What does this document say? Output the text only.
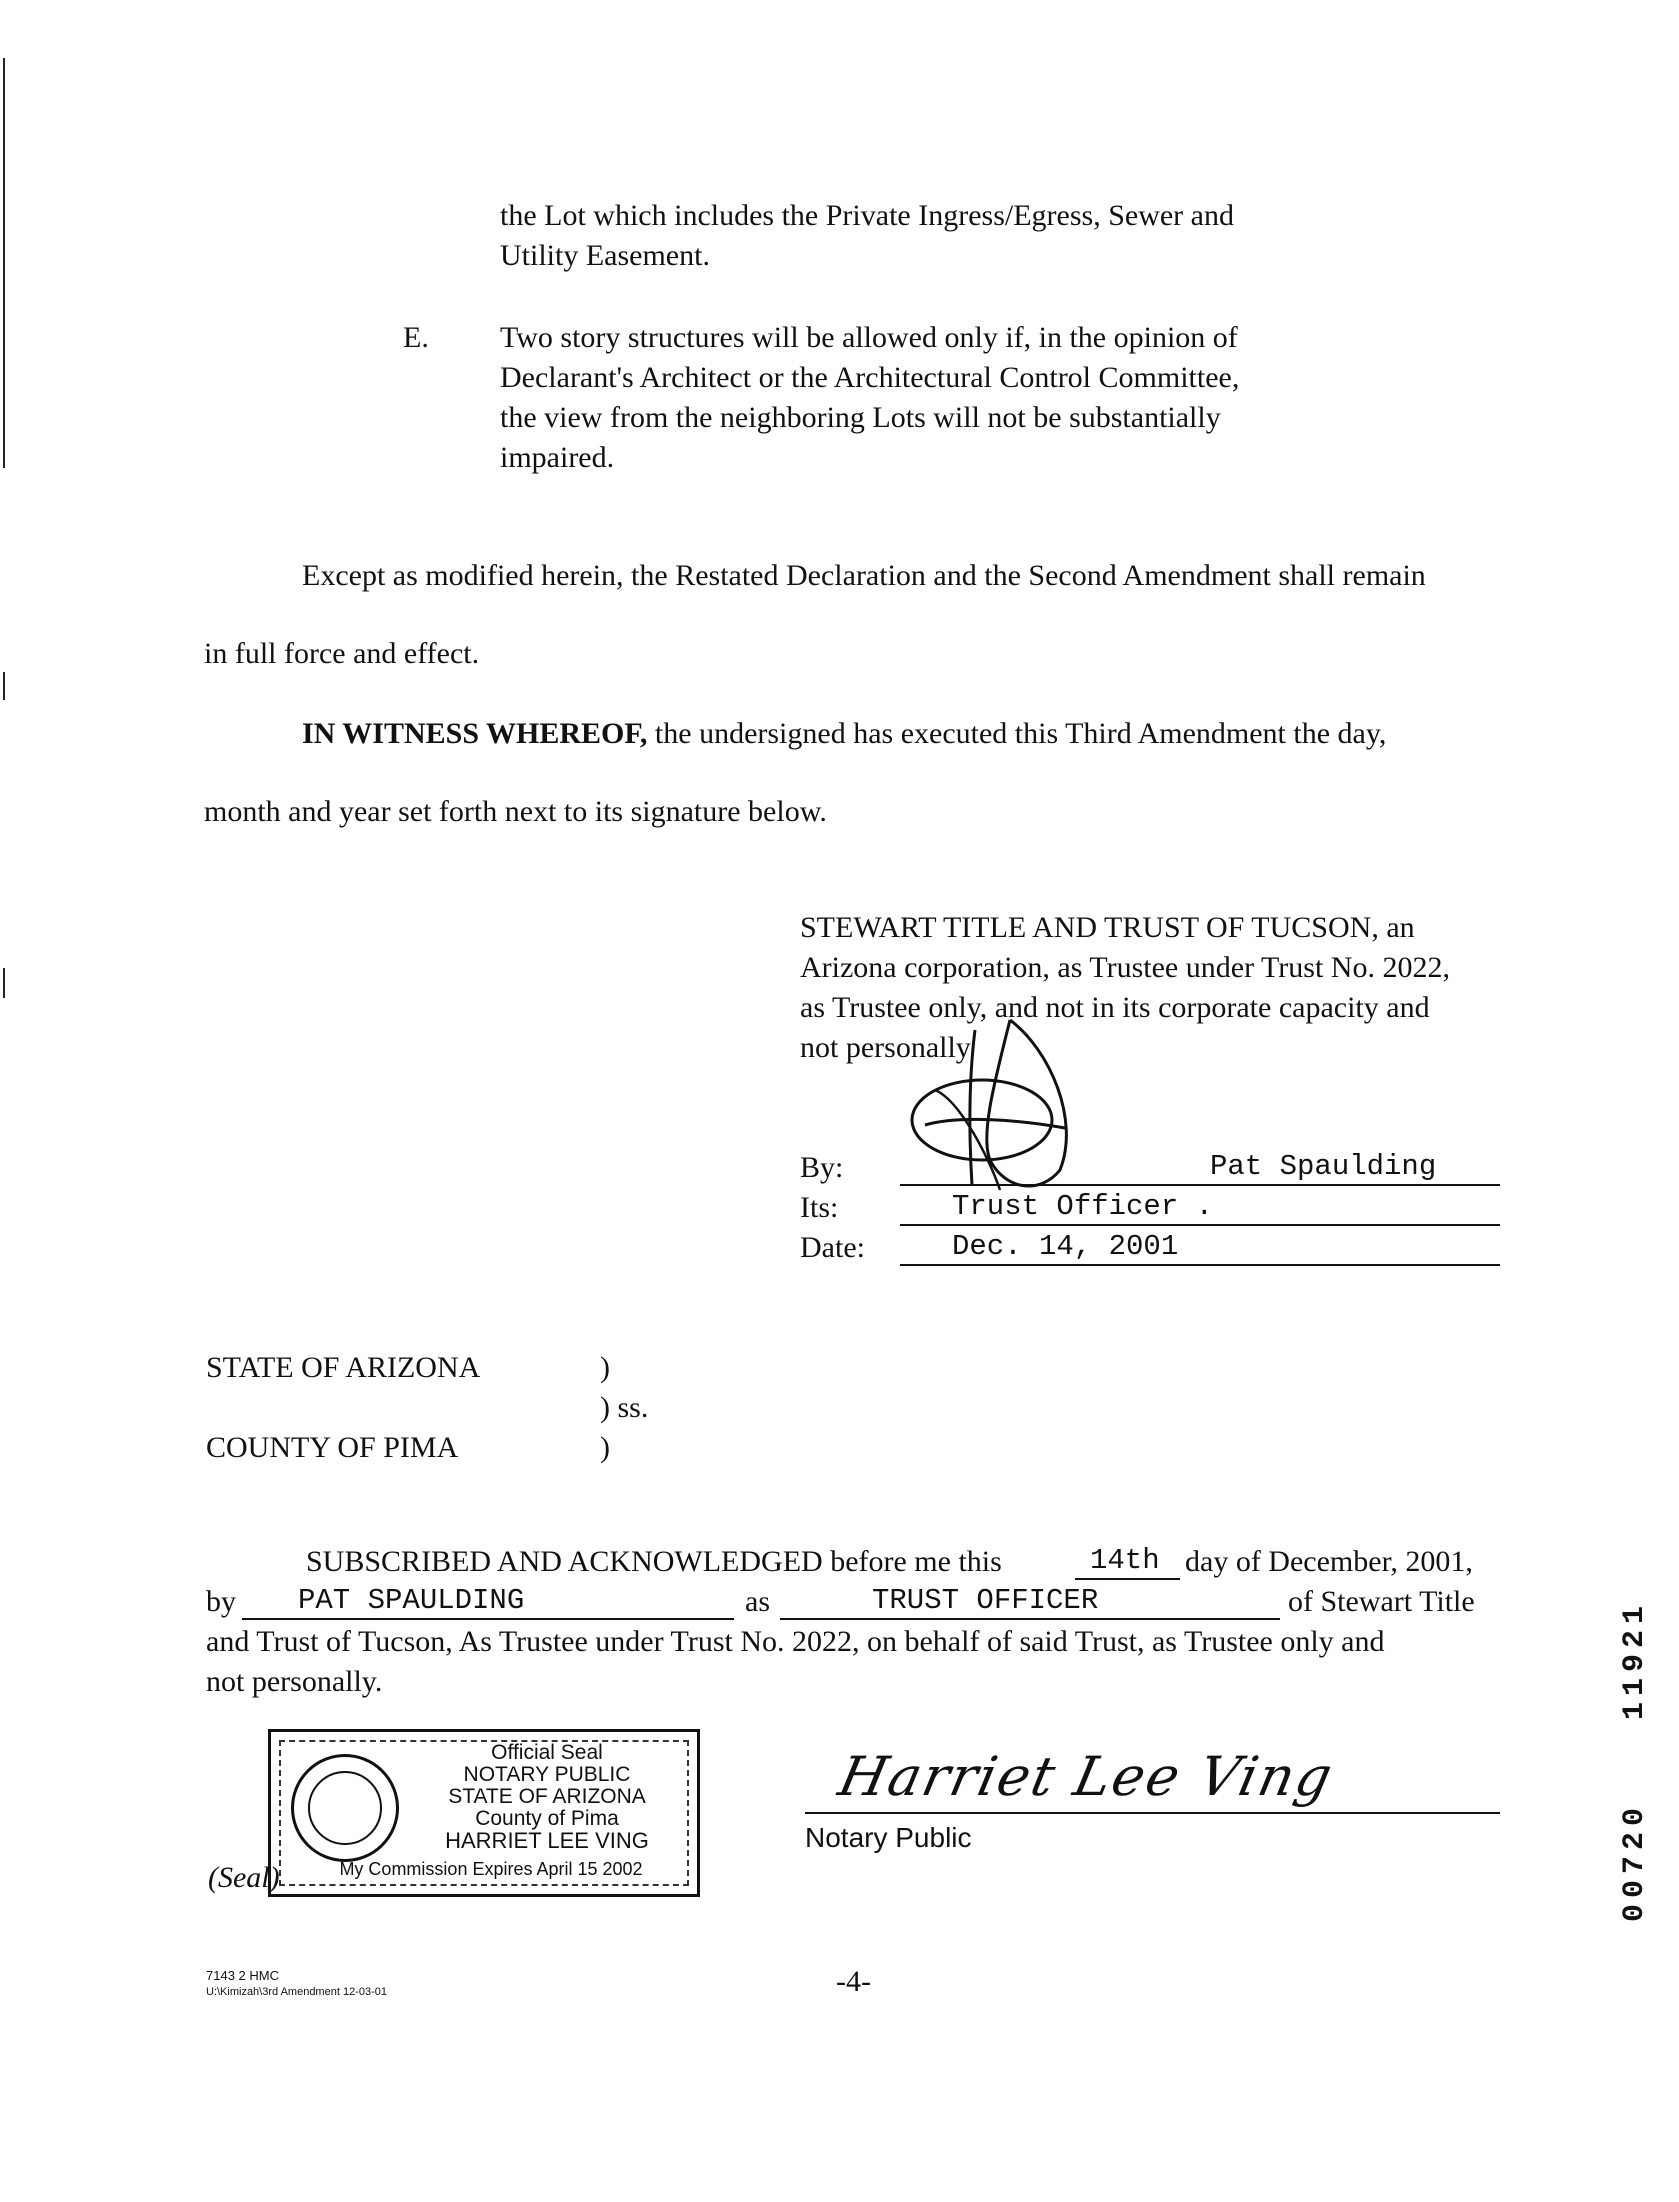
the Lot which includes the Private Ingress/Egress, Sewer and
Utility Easement.
E. Two story structures will be allowed only if, in the opinion of
Declarant's Architect or the Architectural Control Committee,
the view from the neighboring Lots will not be substantially
impaired.
Except as modified herein, the Restated Declaration and the Second Amendment shall remain
in full force and effect.
IN WITNESS WHEREOF, the undersigned has executed this Third Amendment the day,
month and year set forth next to its signature below.
STEWART TITLE AND TRUST OF TUCSON, an
Arizona corporation, as Trustee under Trust No. 2022,
as Trustee only, and not in its corporate capacity and
not personally
By:	Pat Spaulding
Its:	Trust Officer .
Date:	Dec. 14, 2001
STATE OF ARIZONA	)
) ss.
COUNTY OF PIMA	)
SUBSCRIBED AND ACKNOWLEDGED before me this	14th day of December, 2001,
by PAT SPAULDING	as	TRUST OFFICER	of Stewart Title
and Trust of Tucson, As Trustee under Trust No. 2022, on behalf of said Trust, as Trustee only and
not personally.
(Seal)
Official Seal
NOTARY PUBLIC
STATE OF ARIZONA
County of Pima
HARRIET LEE VING
My Commission Expires April 15 2002
Harriet Lee Ving
Notary Public
7143 2 HMC
U:\Kimizah\3rd Amendment 12-03-01	-4-
11921
00720
